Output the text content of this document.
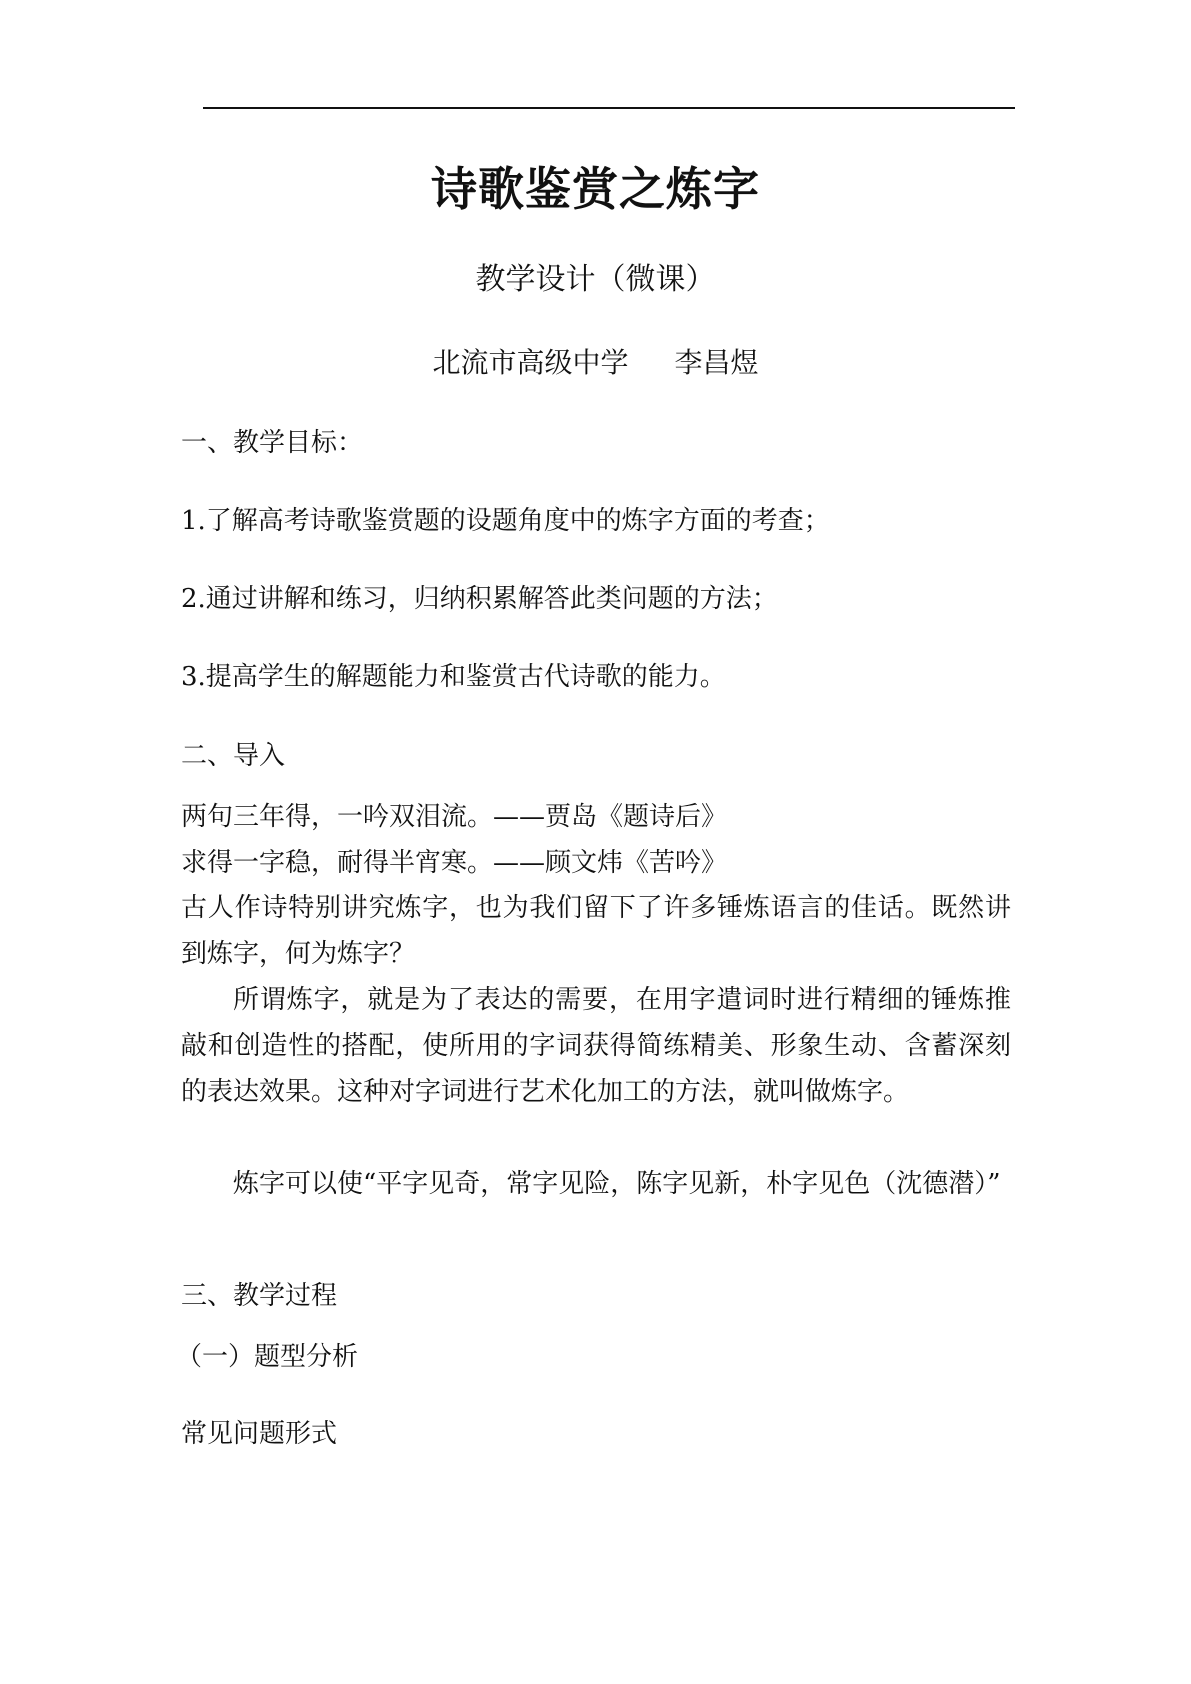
诗歌鉴赏之炼字
教学设计（微课）
北流市高级中学 李昌煜
一、教学目标：
1.了解高考诗歌鉴赏题的设题角度中的炼字方面的考查；
2.通过讲解和练习，归纳积累解答此类问题的方法；
3.提高学生的解题能力和鉴赏古代诗歌的能力。
二、导入
两句三年得，一吟双泪流。——贾岛《题诗后》
求得一字稳，耐得半宵寒。——顾文炜《苦吟》
古人作诗特别讲究炼字，也为我们留下了许多锤炼语言的佳话。既然讲到炼字，何为炼字？
所谓炼字，就是为了表达的需要，在用字遣词时进行精细的锤炼推敲和创造性的搭配，使所用的字词获得简练精美、形象生动、含蓄深刻的表达效果。这种对字词进行艺术化加工的方法，就叫做炼字。
炼字可以使“平字见奇，常字见险，陈字见新，朴字见色（沈德潜）”
三、教学过程
（一）题型分析
常见问题形式
